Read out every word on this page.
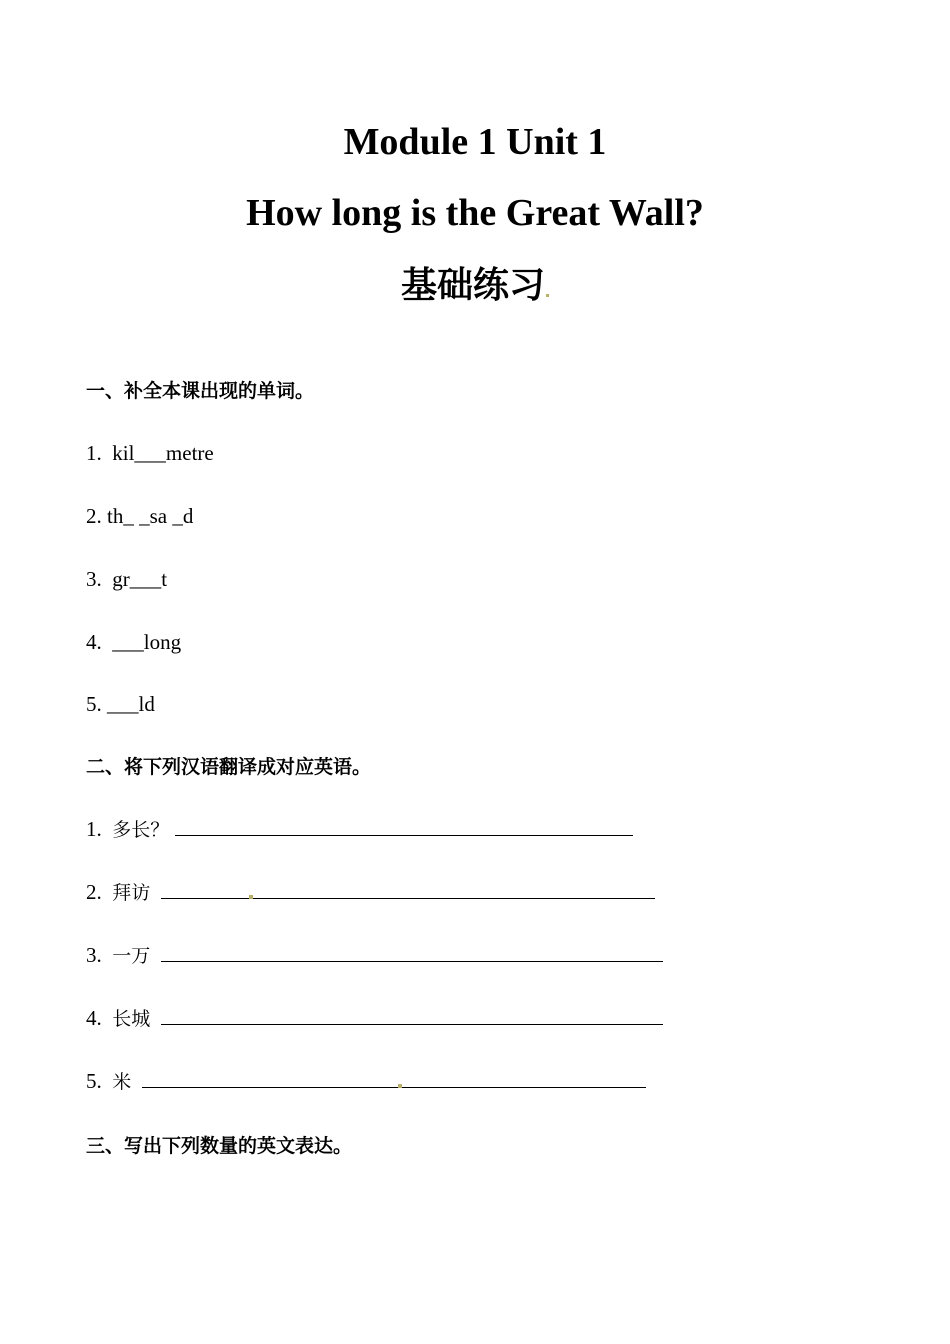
Module 1 Unit 1
How long is the Great Wall?
基础练习
一、补全本课出现的单词。
1. kil___metre
2. th_ _sa _d
3. gr___t
4. ___long
5. ___ld
二、将下列汉语翻译成对应英语。
1. 多长？
2. 拜访
3. 一万
4. 长城
5. 米
三、写出下列数量的英文表达。
